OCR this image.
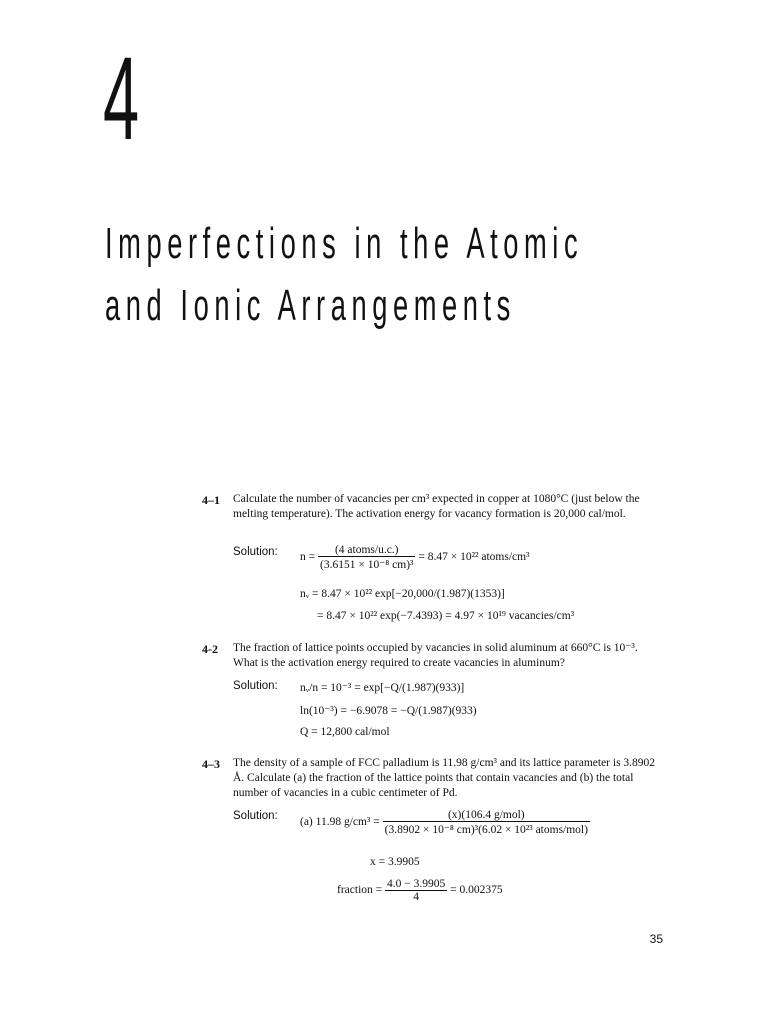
4
Imperfections in the Atomic
and Ionic Arrangements
4–1 Calculate the number of vacancies per cm³ expected in copper at 1080°C (just below the melting temperature). The activation energy for vacancy formation is 20,000 cal/mol.
Solution: $n = \frac{\text{(4 atoms/u.c.)}}{\text{(3.6151 × 10⁻⁸ cm)³}} = 8.47 \times 10^{22}$ atoms/cm³
nᵥ = 8.47 × 10²² exp[−20,000/(1.987)(1353)]
= 8.47 × 10²² exp(−7.4393) = 4.97 × 10¹⁹ vacancies/cm³
4-2 The fraction of lattice points occupied by vacancies in solid aluminum at 660°C is 10⁻³. What is the activation energy required to create vacancies in aluminum?
Solution: nᵥ/n = 10⁻³ = exp[−Q/(1.987)(933)]
ln(10⁻³) = −6.9078 = −Q/(1.987)(933)
Q = 12,800 cal/mol
4–3 The density of a sample of FCC palladium is 11.98 g/cm³ and its lattice parameter is 3.8902 Å. Calculate (a) the fraction of the lattice points that contain vacancies and (b) the total number of vacancies in a cubic centimeter of Pd.
Solution:
(a) 11.98 $g/cm^3 = \frac{\text{(x)(106.4 g/mol)}}{\text{(3.8902 × 10⁻⁸ cm)³(6.02 × 10²³ atoms/mol)}}$
x = 3.9905
fraction = $\frac{4.0 - 3.9905}{4} = 0.002375$
35
